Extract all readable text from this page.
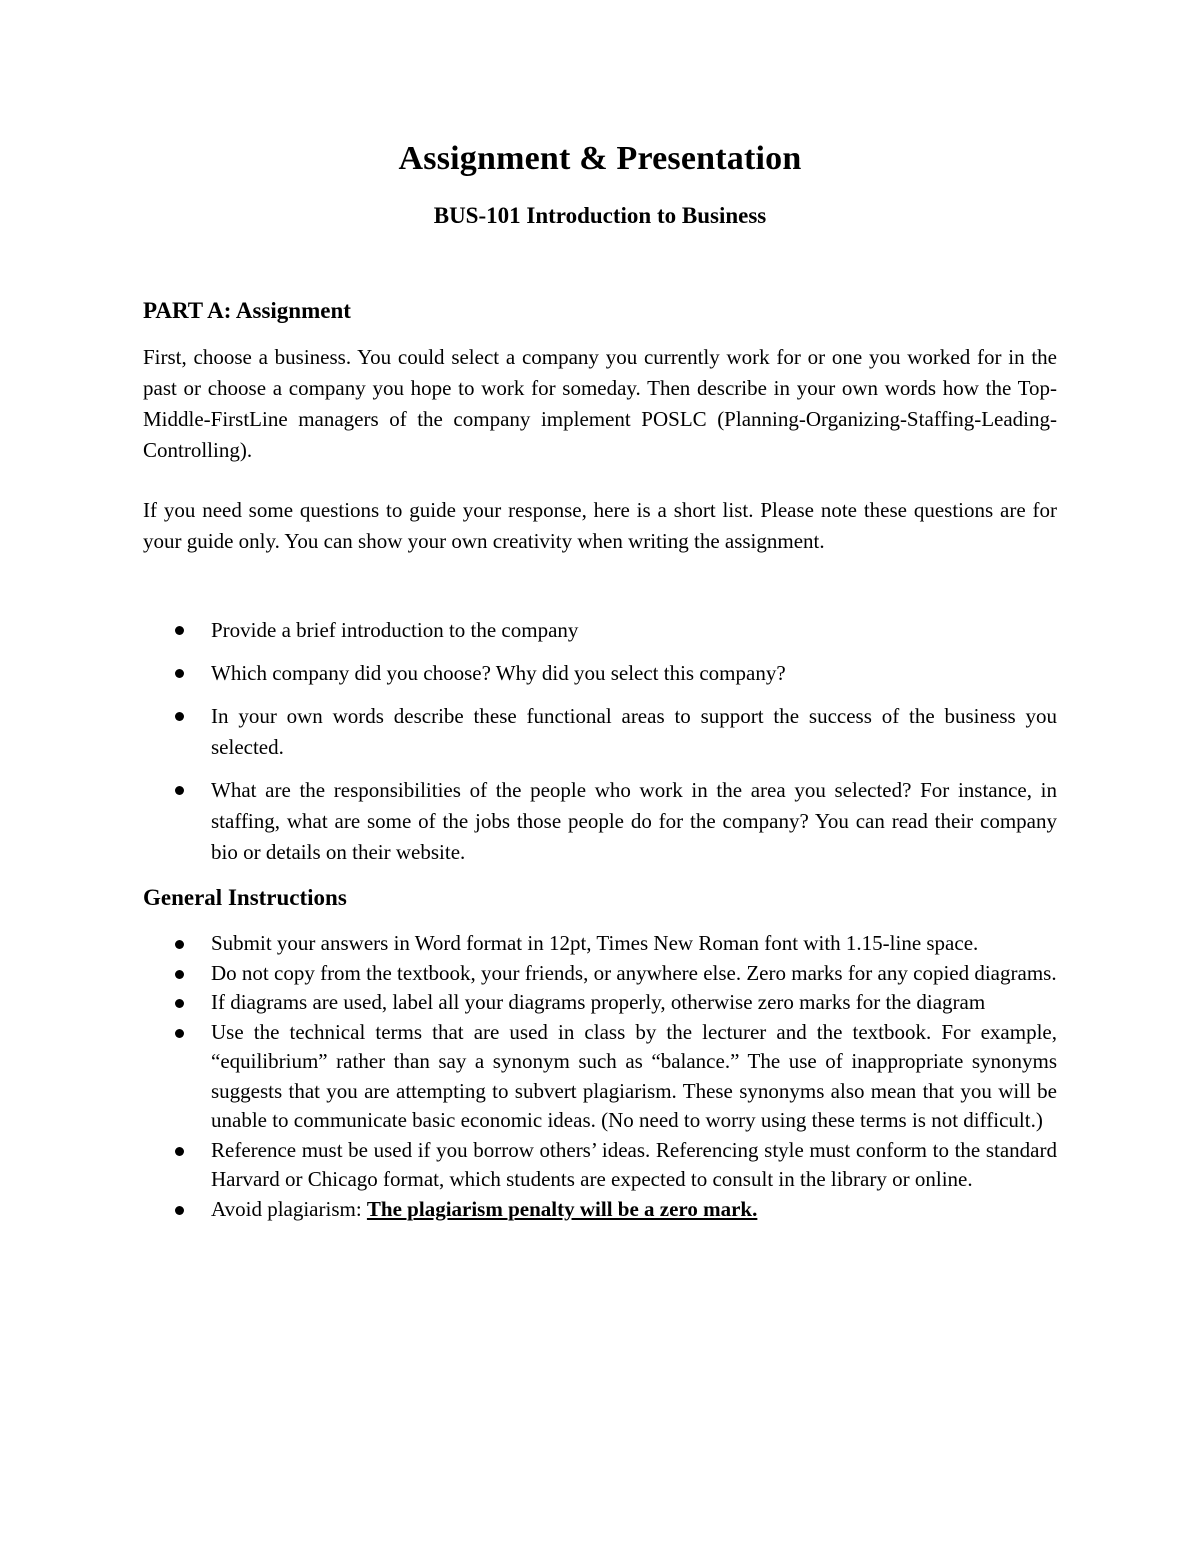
Assignment & Presentation
BUS-101 Introduction to Business
PART A: Assignment

First, choose a business. You could select a company you currently work for or one you worked for in the past or choose a company you hope to work for someday. Then describe in your own words how the Top-Middle-FirstLine managers of the company implement POSLC (Planning-Organizing-Staffing-Leading-Controlling).

If you need some questions to guide your response, here is a short list. Please note these questions are for your guide only. You can show your own creativity when writing the assignment.

Provide a brief introduction to the company
Which company did you choose? Why did you select this company?
In your own words describe these functional areas to support the success of the business you selected.
What are the responsibilities of the people who work in the area you selected? For instance, in staffing, what are some of the jobs those people do for the company? You can read their company bio or details on their website.
General Instructions
Submit your answers in Word format in 12pt, Times New Roman font with 1.15-line space.
Do not copy from the textbook, your friends, or anywhere else. Zero marks for any copied diagrams.
If diagrams are used, label all your diagrams properly, otherwise zero marks for the diagram
Use the technical terms that are used in class by the lecturer and the textbook. For example, “equilibrium” rather than say a synonym such as “balance.” The use of inappropriate synonyms suggests that you are attempting to subvert plagiarism. These synonyms also mean that you will be unable to communicate basic economic ideas. (No need to worry using these terms is not difficult.)
Reference must be used if you borrow others’ ideas. Referencing style must conform to the standard Harvard or Chicago format, which students are expected to consult in the library or online.
Avoid plagiarism: The plagiarism penalty will be a zero mark.
